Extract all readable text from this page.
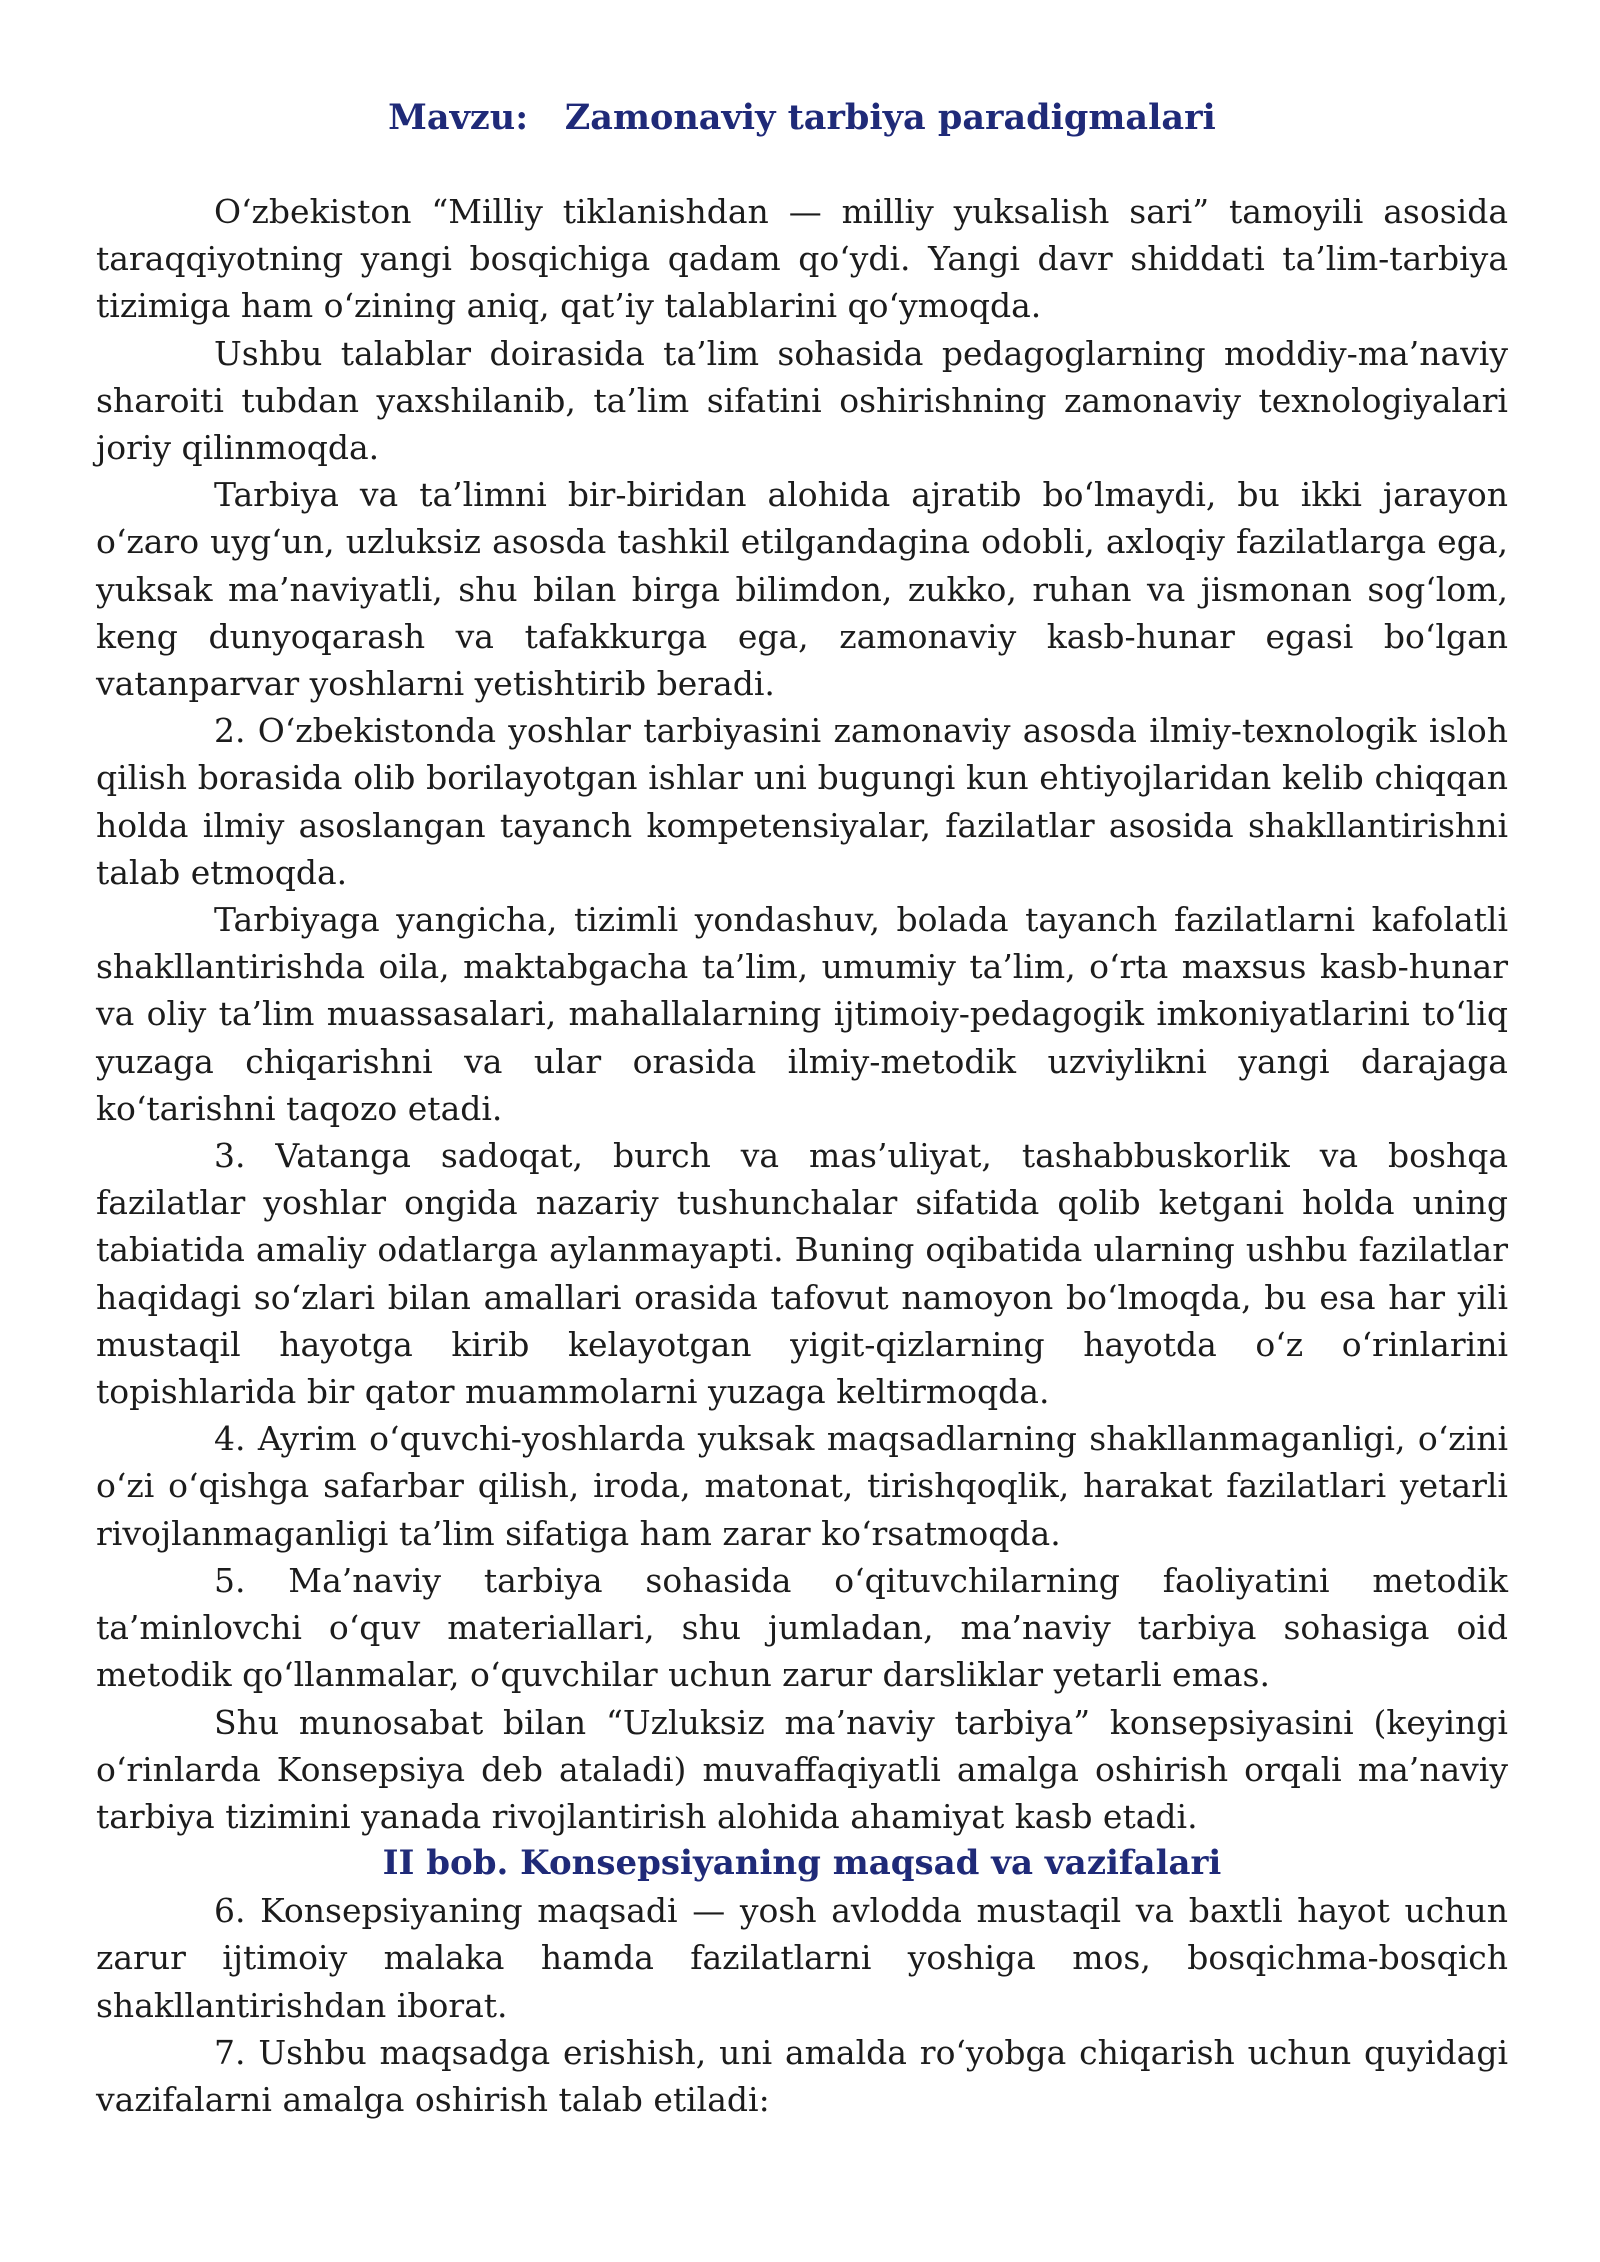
Mavzu:   Zamonaviy tarbiya paradigmalari

O‘zbekiston “Milliy tiklanishdan — milliy yuksalish sari” tamoyili asosida taraqqiyotning yangi bosqichiga qadam qo‘ydi. Yangi davr shiddati ta’lim-tarbiya tizimiga ham o‘zining aniq, qat’iy talablarini qo‘ymoqda.

Ushbu talablar doirasida ta’lim sohasida pedagoglarning moddiy-ma’naviy sharoiti tubdan yaxshilanib, ta’lim sifatini oshirishning zamonaviy texnologiyalari joriy qilinmoqda.

Tarbiya va ta’limni bir-biridan alohida ajratib bo‘lmaydi, bu ikki jarayon o‘zaro uyg‘un, uzluksiz asosda tashkil etilgandagina odobli, axloqiy fazilatlarga ega, yuksak ma’naviyatli, shu bilan birga bilimdon, zukko, ruhan va jismonan sog‘lom, keng dunyoqarash va tafakkurga ega, zamonaviy kasb-hunar egasi bo‘lgan vatanparvar yoshlarni yetishtirib beradi.

2. O‘zbekistonda yoshlar tarbiyasini zamonaviy asosda ilmiy-texnologik isloh qilish borasida olib borilayotgan ishlar uni bugungi kun ehtiyojlaridan kelib chiqqan holda ilmiy asoslangan tayanch kompetensiyalar, fazilatlar asosida shakllantirishni talab etmoqda.

Tarbiyaga yangicha, tizimli yondashuv, bolada tayanch fazilatlarni kafolatli shakllantirishda oila, maktabgacha ta’lim, umumiy ta’lim, o‘rta maxsus kasb-hunar va oliy ta’lim muassasalari, mahallalarning ijtimoiy-pedagogik imkoniyatlarini to‘liq yuzaga chiqarishni va ular orasida ilmiy-metodik uzviylikni yangi darajaga ko‘tarishni taqozo etadi.

3. Vatanga sadoqat, burch va mas’uliyat, tashabbuskorlik va boshqa fazilatlar yoshlar ongida nazariy tushunchalar sifatida qolib ketgani holda uning tabiatida amaliy odatlarga aylanmayapti. Buning oqibatida ularning ushbu fazilatlar haqidagi so‘zlari bilan amallari orasida tafovut namoyon bo‘lmoqda, bu esa har yili mustaqil hayotga kirib kelayotgan yigit-qizlarning hayotda o‘z o‘rinlarini topishlarida bir qator muammolarni yuzaga keltirmoqda.

4. Ayrim o‘quvchi-yoshlarda yuksak maqsadlarning shakllanmaganligi, o‘zini o‘zi o‘qishga safarbar qilish, iroda, matonat, tirishqoqlik, harakat fazilatlari yetarli rivojlanmaganligi ta’lim sifatiga ham zarar ko‘rsatmoqda.

5. Ma’naviy tarbiya sohasida o‘qituvchilarning faoliyatini metodik ta’minlovchi o‘quv materiallari, shu jumladan, ma’naviy tarbiya sohasiga oid metodik qo‘llanmalar, o‘quvchilar uchun zarur darsliklar yetarli emas.

Shu munosabat bilan “Uzluksiz ma’naviy tarbiya” konsepsiyasini (keyingi o‘rinlarda Konsepsiya deb ataladi) muvaffaqiyatli amalga oshirish orqali ma’naviy tarbiya tizimini yanada rivojlantirish alohida ahamiyat kasb etadi.

II bob. Konsepsiyaning maqsad va vazifalari

6. Konsepsiyaning maqsadi — yosh avlodda mustaqil va baxtli hayot uchun zarur ijtimoiy malaka hamda fazilatlarni yoshiga mos, bosqichma-bosqich shakllantirishdan iborat.

7. Ushbu maqsadga erishish, uni amalda ro‘yobga chiqarish uchun quyidagi vazifalarni amalga oshirish talab etiladi:
